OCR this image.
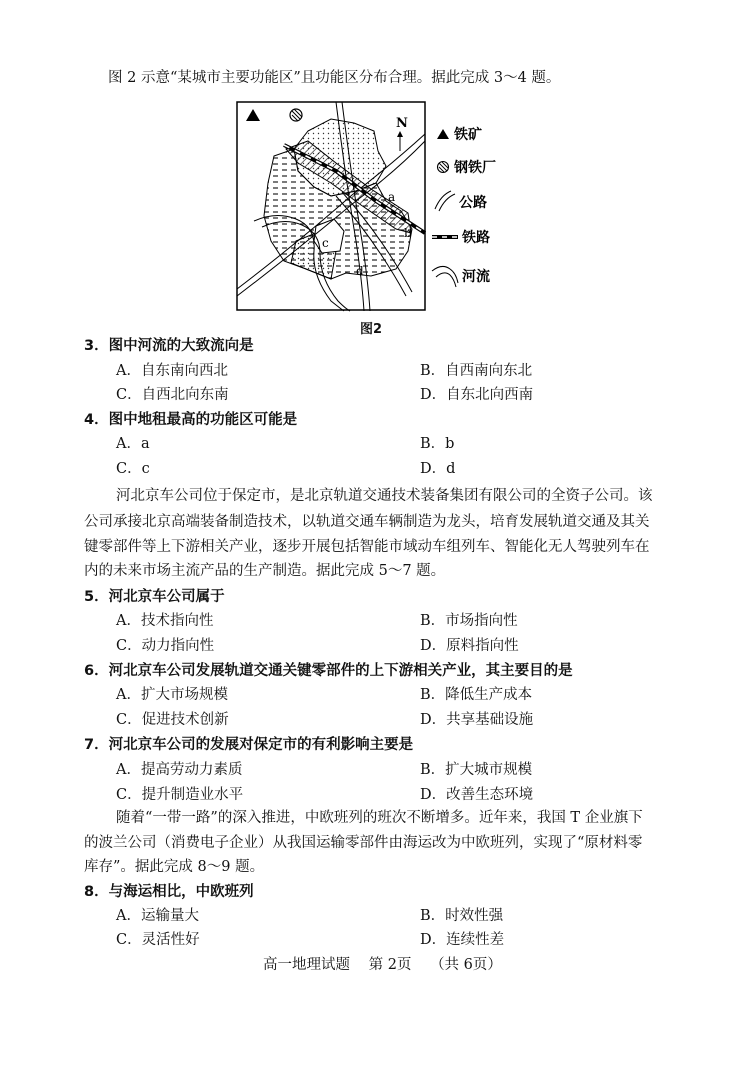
图 2 示意“某城市主要功能区”且功能区分布合理。据此完成 3～4 题。
N
a
b
c
d
铁矿
钢铁厂
公路
铁路
河流
图2
3．图中河流的大致流向是
A．自东南向西北	B．自西南向东北
C．自西北向东南	D．自东北向西南
4．图中地租最高的功能区可能是
A．a	B．b
C．c	D．d
河北京车公司位于保定市，是北京轨道交通技术装备集团有限公司的全资子公司。该
公司承接北京高端装备制造技术，以轨道交通车辆制造为龙头，培育发展轨道交通及其关
键零部件等上下游相关产业，逐步开展包括智能市域动车组列车、智能化无人驾驶列车在
内的未来市场主流产品的生产制造。据此完成 5～7 题。
5．河北京车公司属于
A．技术指向性	B．市场指向性
C．动力指向性	D．原料指向性
6．河北京车公司发展轨道交通关键零部件的上下游相关产业，其主要目的是
A．扩大市场规模	B．降低生产成本
C．促进技术创新	D．共享基础设施
7．河北京车公司的发展对保定市的有利影响主要是
A．提高劳动力素质	B．扩大城市规模
C．提升制造业水平	D．改善生态环境
随着“一带一路”的深入推进，中欧班列的班次不断增多。近年来，我国 T 企业旗下
的波兰公司（消费电子企业）从我国运输零部件由海运改为中欧班列，实现了“原材料零
库存”。据此完成 8～9 题。
8．与海运相比，中欧班列
A．运输量大	B．时效性强
C．灵活性好	D．连续性差
高一地理试题 第 2页 （共 6页）
